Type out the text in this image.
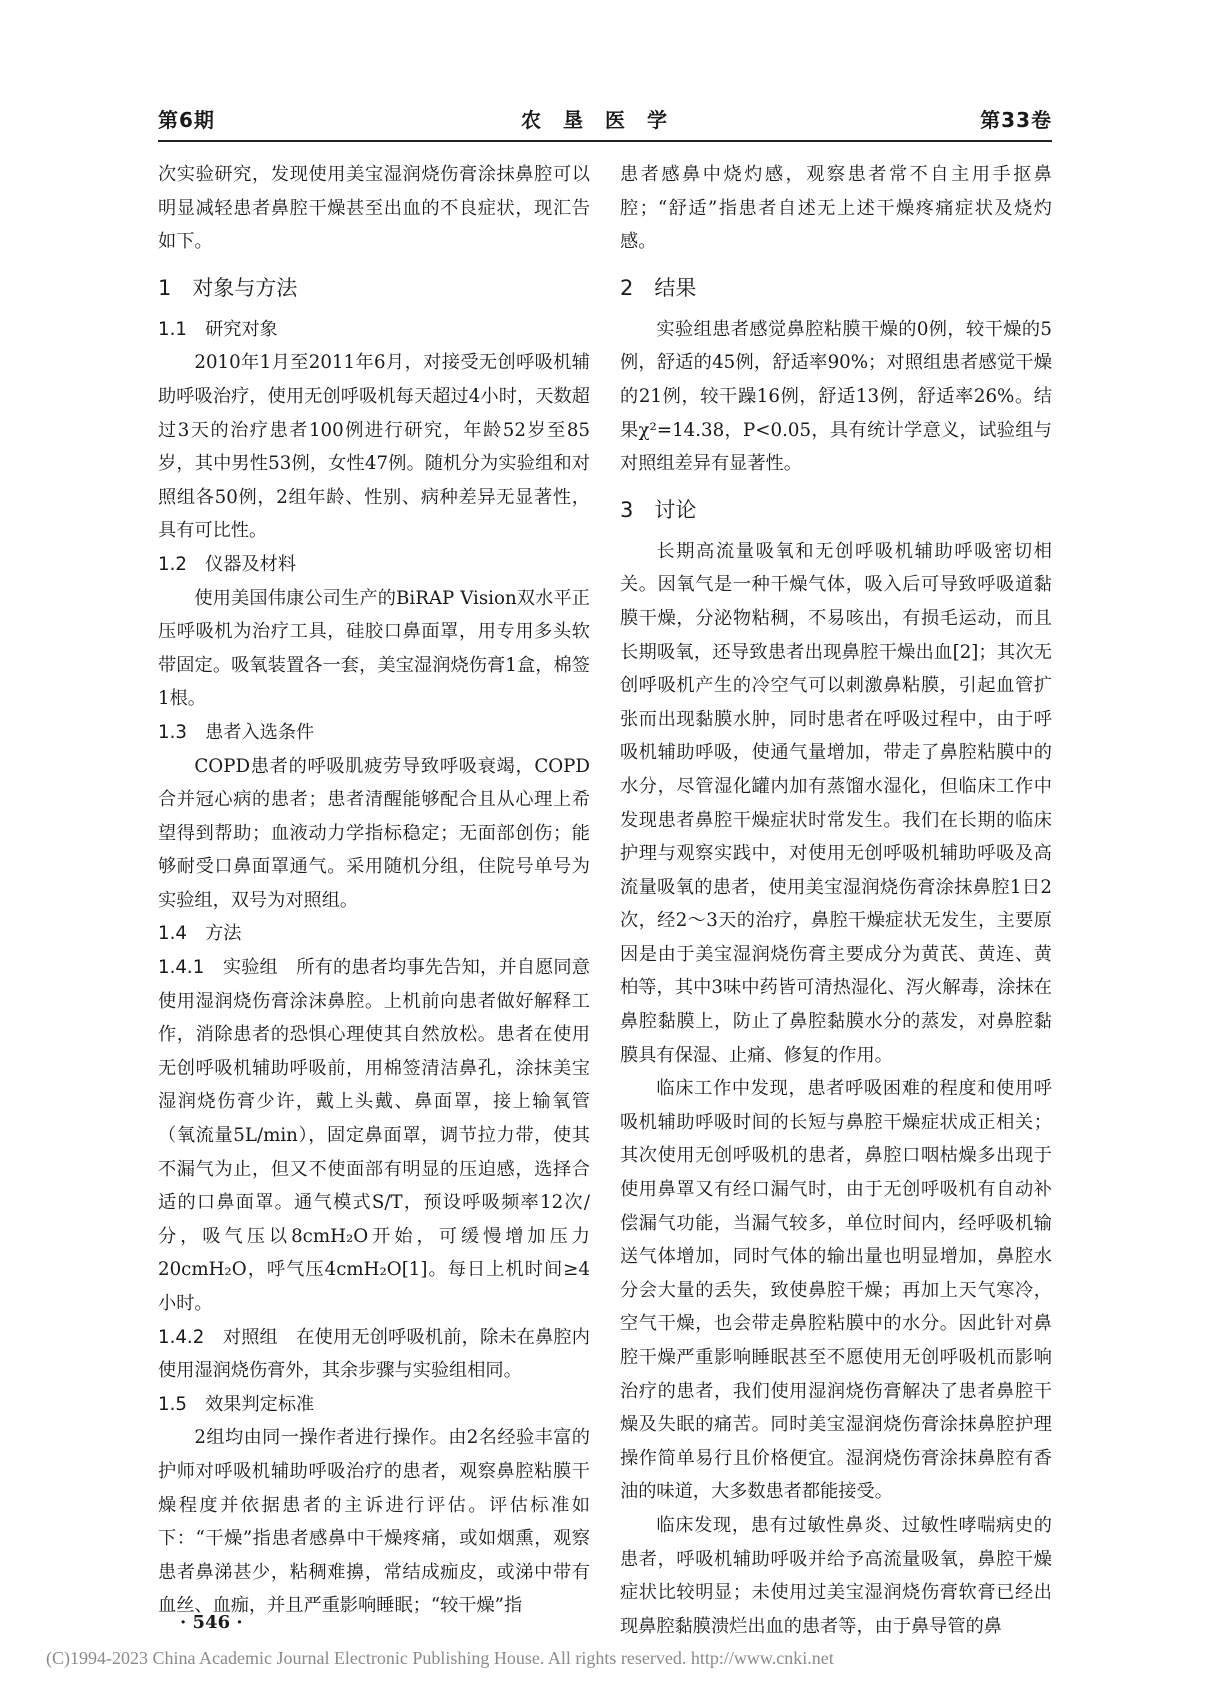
第6期	农垦医学	第33卷

次实验研究，发现使用美宝湿润烧伤膏涂抹鼻腔可以明显减轻患者鼻腔干燥甚至出血的不良症状，现汇告如下。

1　对象与方法
1.1　研究对象

2010年1月至2011年6月，对接受无创呼吸机辅助呼吸治疗，使用无创呼吸机每天超过4小时，天数超过3天的治疗患者100例进行研究，年龄52岁至85岁，其中男性53例，女性47例。随机分为实验组和对照组各50例，2组年龄、性别、病种差异无显著性，具有可比性。

1.2　仪器及材料

使用美国伟康公司生产的BiRAP Vision双水平正压呼吸机为治疗工具，硅胶口鼻面罩，用专用多头软带固定。吸氧装置各一套，美宝湿润烧伤膏1盒，棉签1根。

1.3　患者入选条件

COPD患者的呼吸肌疲劳导致呼吸衰竭，COPD合并冠心病的患者；患者清醒能够配合且从心理上希望得到帮助；血液动力学指标稳定；无面部创伤；能够耐受口鼻面罩通气。采用随机分组，住院号单号为实验组，双号为对照组。

1.4　方法

1.4.1　实验组　所有的患者均事先告知，并自愿同意使用湿润烧伤膏涂沫鼻腔。上机前向患者做好解释工作，消除患者的恐惧心理使其自然放松。患者在使用无创呼吸机辅助呼吸前，用棉签清洁鼻孔，涂抹美宝湿润烧伤膏少许，戴上头戴、鼻面罩，接上输氧管（氧流量5L/min），固定鼻面罩，调节拉力带，使其不漏气为止，但又不使面部有明显的压迫感，选择合适的口鼻面罩。通气模式S/T，预设呼吸频率12次/分，吸气压以8cmH₂O开始，可缓慢增加压力20cmH₂O，呼气压4cmH₂O[1]。每日上机时间≥4小时。

1.4.2　对照组　在使用无创呼吸机前，除未在鼻腔内使用湿润烧伤膏外，其余步骤与实验组相同。

1.5　效果判定标准

2组均由同一操作者进行操作。由2名经验丰富的护师对呼吸机辅助呼吸治疗的患者，观察鼻腔粘膜干燥程度并依据患者的主诉进行评估。评估标准如下：“干燥”指患者感鼻中干燥疼痛，或如烟熏，观察患者鼻涕甚少，粘稠难擤，常结成痂皮，或涕中带有血丝、血痂，并且严重影响睡眠；“较干燥”指

患者感鼻中烧灼感，观察患者常不自主用手抠鼻腔；“舒适”指患者自述无上述干燥疼痛症状及烧灼感。

2　结果

实验组患者感觉鼻腔粘膜干燥的0例，较干燥的5例，舒适的45例，舒适率90%；对照组患者感觉干燥的21例，较干躁16例，舒适13例，舒适率26%。结果χ²=14.38，P<0.05，具有统计学意义，试验组与对照组差异有显著性。

3　讨论

长期高流量吸氧和无创呼吸机辅助呼吸密切相关。因氧气是一种干燥气体，吸入后可导致呼吸道黏膜干燥，分泌物粘稠，不易咳出，有损毛运动，而且长期吸氧，还导致患者出现鼻腔干燥出血[2]；其次无创呼吸机产生的冷空气可以刺激鼻粘膜，引起血管扩张而出现黏膜水肿，同时患者在呼吸过程中，由于呼吸机辅助呼吸，使通气量增加，带走了鼻腔粘膜中的水分，尽管湿化罐内加有蒸馏水湿化，但临床工作中发现患者鼻腔干燥症状时常发生。我们在长期的临床护理与观察实践中，对使用无创呼吸机辅助呼吸及高流量吸氧的患者，使用美宝湿润烧伤膏涂抹鼻腔1日2次，经2～3天的治疗，鼻腔干燥症状无发生，主要原因是由于美宝湿润烧伤膏主要成分为黄芪、黄连、黄柏等，其中3味中药皆可清热湿化、泻火解毒，涂抹在鼻腔黏膜上，防止了鼻腔黏膜水分的蒸发，对鼻腔黏膜具有保湿、止痛、修复的作用。

临床工作中发现，患者呼吸困难的程度和使用呼吸机辅助呼吸时间的长短与鼻腔干燥症状成正相关；其次使用无创呼吸机的患者，鼻腔口咽枯燥多出现于使用鼻罩又有经口漏气时，由于无创呼吸机有自动补偿漏气功能，当漏气较多，单位时间内，经呼吸机输送气体增加，同时气体的输出量也明显增加，鼻腔水分会大量的丢失，致使鼻腔干燥；再加上天气寒冷，空气干燥，也会带走鼻腔粘膜中的水分。因此针对鼻腔干燥严重影响睡眠甚至不愿使用无创呼吸机而影响治疗的患者，我们使用湿润烧伤膏解决了患者鼻腔干燥及失眠的痛苦。同时美宝湿润烧伤膏涂抹鼻腔护理操作简单易行且价格便宜。湿润烧伤膏涂抹鼻腔有香油的味道，大多数患者都能接受。

临床发现，患有过敏性鼻炎、过敏性哮喘病史的患者，呼吸机辅助呼吸并给予高流量吸氧，鼻腔干燥症状比较明显；未使用过美宝湿润烧伤膏软膏已经出现鼻腔黏膜溃烂出血的患者等，由于鼻导管的鼻

· 546 ·
(C)1994-2023 China Academic Journal Electronic Publishing House. All rights reserved. http://www.cnki.net
